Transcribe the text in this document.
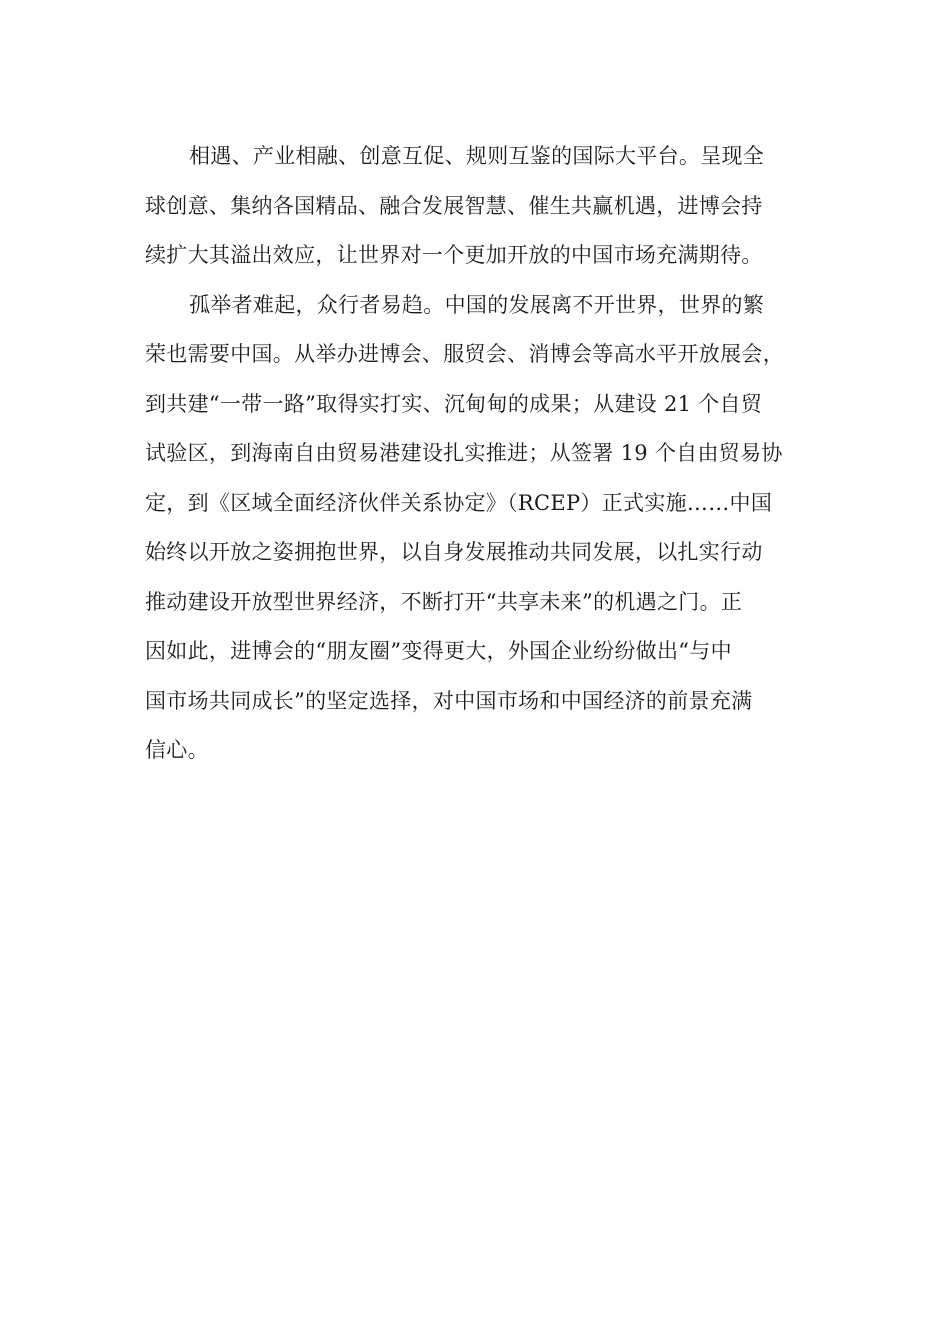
相遇、产业相融、创意互促、规则互鉴的国际大平台。呈现全
球创意、集纳各国精品、融合发展智慧、催生共赢机遇，进博会持
续扩大其溢出效应，让世界对一个更加开放的中国市场充满期待。
孤举者难起，众行者易趋。中国的发展离不开世界，世界的繁
荣也需要中国。从举办进博会、服贸会、消博会等高水平开放展会，
到共建“一带一路”取得实打实、沉甸甸的成果；从建设 21 个自贸
试验区，到海南自由贸易港建设扎实推进；从签署 19 个自由贸易协
定，到《区域全面经济伙伴关系协定》（RCEP）正式实施……中国
始终以开放之姿拥抱世界，以自身发展推动共同发展，以扎实行动
推动建设开放型世界经济，不断打开“共享未来”的机遇之门。正
因如此，进博会的“朋友圈”变得更大，外国企业纷纷做出“与中
国市场共同成长”的坚定选择，对中国市场和中国经济的前景充满
信心。
